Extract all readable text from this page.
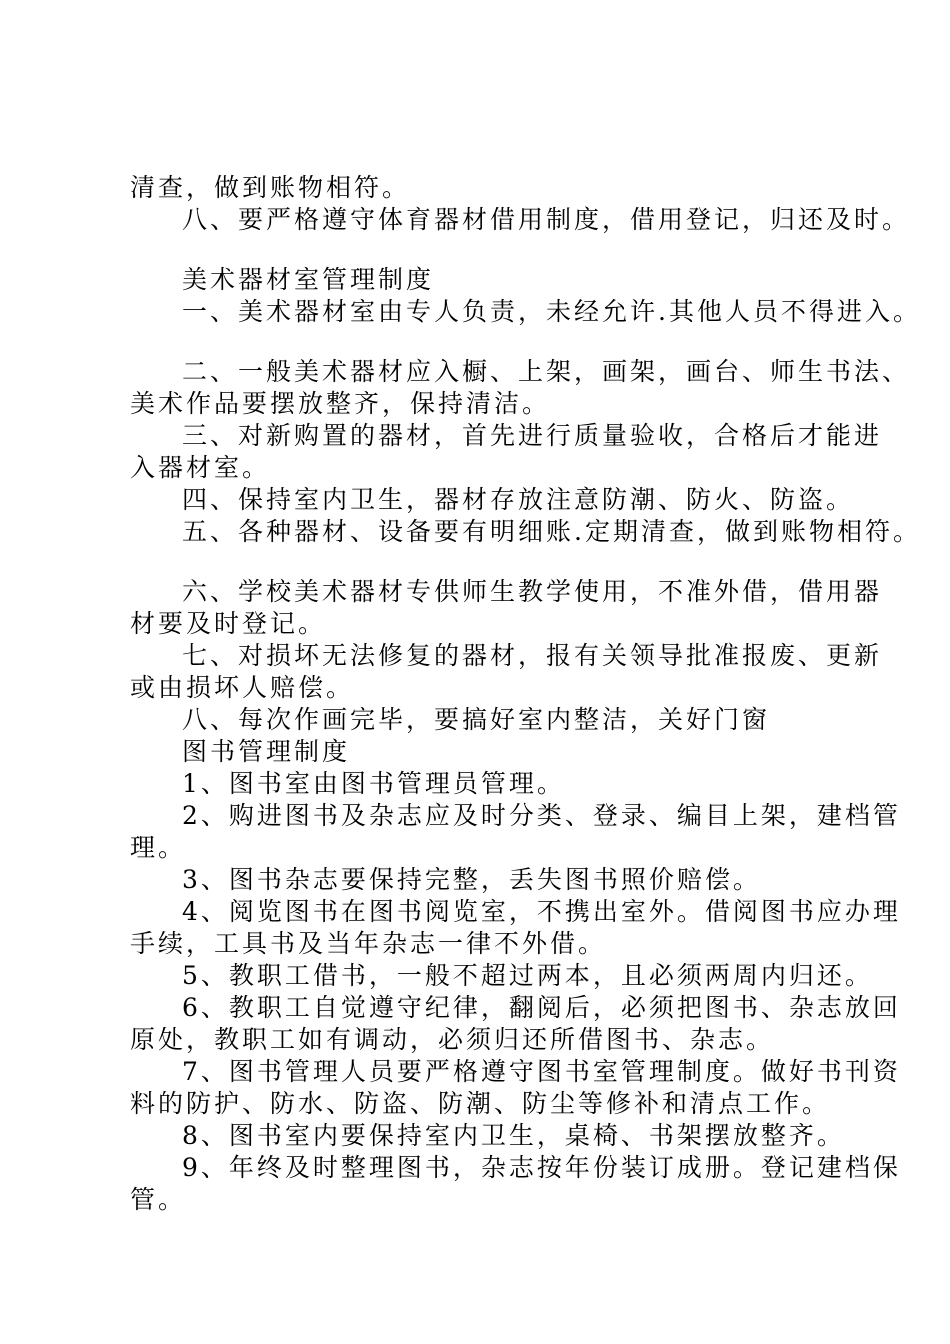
清查，做到账物相符。
八、要严格遵守体育器材借用制度，借用登记，归还及时。
美术器材室管理制度
一、美术器材室由专人负责，未经允许.其他人员不得进入。
二、一般美术器材应入橱、上架，画架，画台、师生书法、
美术作品要摆放整齐，保持清洁。
三、对新购置的器材，首先进行质量验收，合格后才能进
入器材室。
四、保持室内卫生，器材存放注意防潮、防火、防盗。
五、各种器材、设备要有明细账.定期清查，做到账物相符。
六、学校美术器材专供师生教学使用，不准外借，借用器
材要及时登记。
七、对损坏无法修复的器材，报有关领导批准报废、更新
或由损坏人赔偿。
八、每次作画完毕，要搞好室内整洁，关好门窗
图书管理制度
1、图书室由图书管理员管理。
2、购进图书及杂志应及时分类、登录、编目上架，建档管
理。
3、图书杂志要保持完整，丢失图书照价赔偿。
4、阅览图书在图书阅览室，不携出室外。借阅图书应办理
手续，工具书及当年杂志一律不外借。
5、教职工借书，一般不超过两本，且必须两周内归还。
6、教职工自觉遵守纪律，翻阅后，必须把图书、杂志放回
原处，教职工如有调动，必须归还所借图书、杂志。
7、图书管理人员要严格遵守图书室管理制度。做好书刊资
料的防护、防水、防盗、防潮、防尘等修补和清点工作。
8、图书室内要保持室内卫生，桌椅、书架摆放整齐。
9、年终及时整理图书，杂志按年份装订成册。登记建档保
管。
